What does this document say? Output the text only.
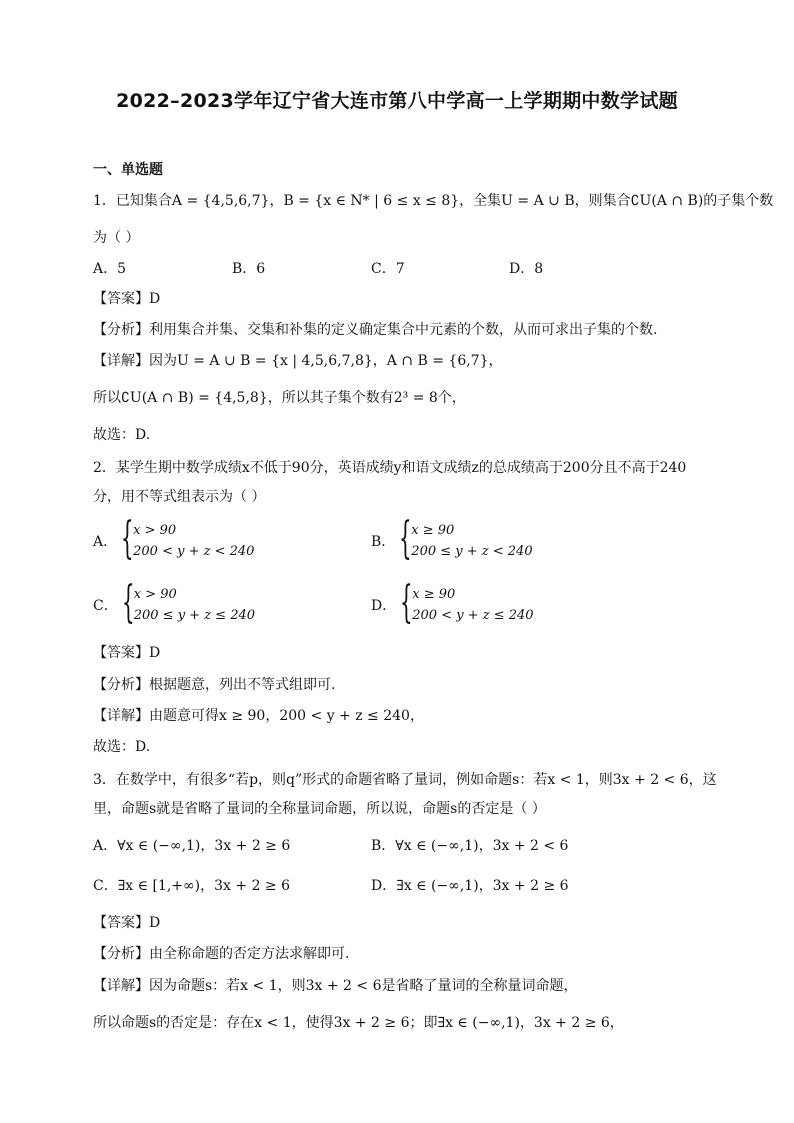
2022–2023学年辽宁省大连市第八中学高一上学期期中数学试题
一、单选题
1．已知集合A = {4,5,6,7}，B = {x ∈ N* | 6 ≤ x ≤ 8}，全集U = A ∪ B，则集合∁U(A ∩ B)的子集个数
为（ ）
A．5	B．6	C．7	D．8
【答案】D
【分析】利用集合并集、交集和补集的定义确定集合中元素的个数，从而可求出子集的个数.
【详解】因为U = A ∪ B = {x | 4,5,6,7,8}，A ∩ B = {6,7}，
所以∁U(A ∩ B) = {4,5,8}，所以其子集个数有2³ = 8个，
故选：D.
2．某学生期中数学成绩x不低于90分，英语成绩y和语文成绩z的总成绩高于200分且不高于240
分，用不等式组表示为（ ）
A． { x > 90
200 < y + z < 240
B． { x ≥ 90
200 ≤ y + z < 240
C． { x > 90
200 ≤ y + z ≤ 240
D． { x ≥ 90
200 < y + z ≤ 240
【答案】D
【分析】根据题意，列出不等式组即可.
【详解】由题意可得x ≥ 90，200 < y + z ≤ 240，
故选：D.
3．在数学中，有很多“若p，则q”形式的命题省略了量词，例如命题s：若x < 1，则3x + 2 < 6，这
里，命题s就是省略了量词的全称量词命题，所以说，命题s的否定是（ ）
A．∀x ∈ (−∞,1)，3x + 2 ≥ 6	B．∀x ∈ (−∞,1)，3x + 2 < 6
C．∃x ∈ [1,+∞)，3x + 2 ≥ 6	D．∃x ∈ (−∞,1)，3x + 2 ≥ 6
【答案】D
【分析】由全称命题的否定方法求解即可.
【详解】因为命题s：若x < 1，则3x + 2 < 6是省略了量词的全称量词命题，
所以命题s的否定是：存在x < 1，使得3x + 2 ≥ 6；即∃x ∈ (−∞,1)，3x + 2 ≥ 6，
